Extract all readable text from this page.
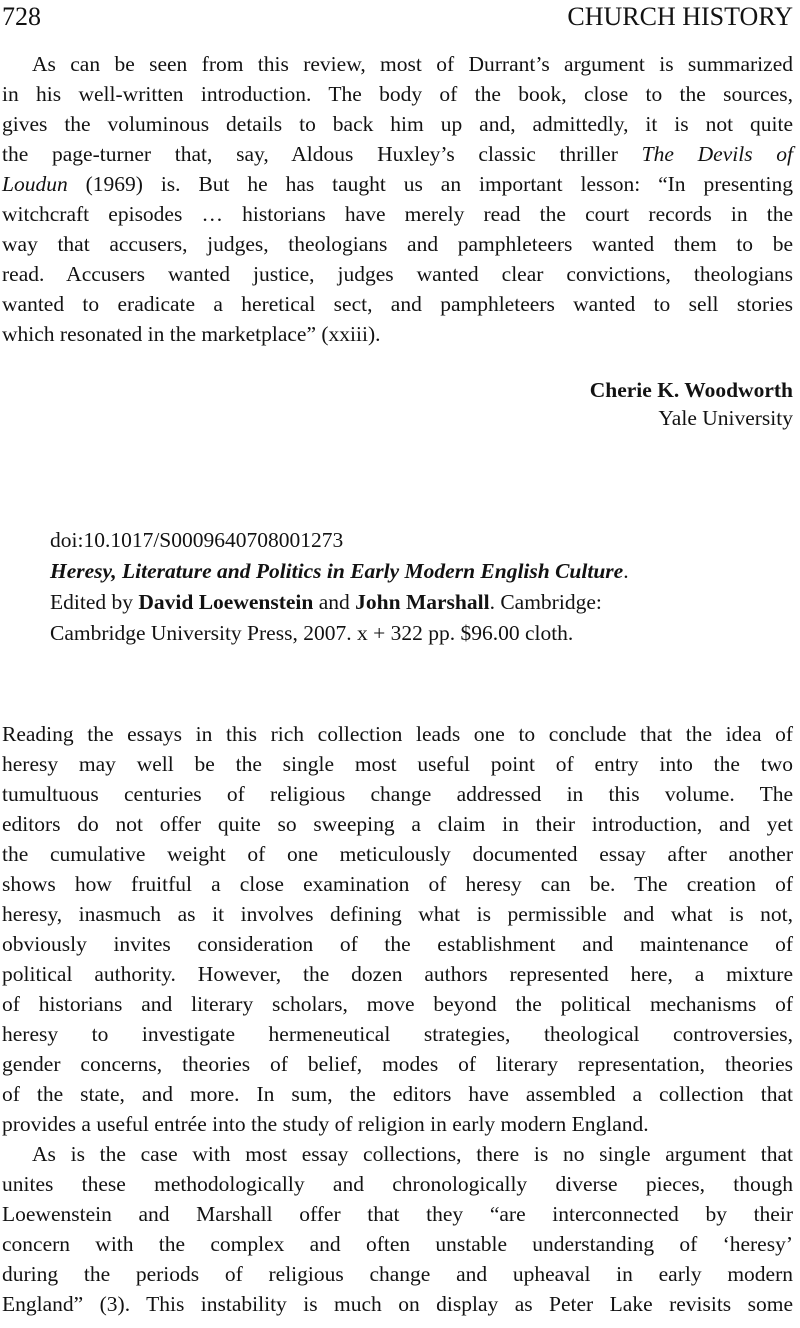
728	CHURCH HISTORY

As can be seen from this review, most of Durrant’s argument is summarized
in his well-written introduction. The body of the book, close to the sources,
gives the voluminous details to back him up and, admittedly, it is not quite
the page-turner that, say, Aldous Huxley’s classic thriller The Devils of
Loudun (1969) is. But he has taught us an important lesson: “In presenting
witchcraft episodes … historians have merely read the court records in the
way that accusers, judges, theologians and pamphleteers wanted them to be
read. Accusers wanted justice, judges wanted clear convictions, theologians
wanted to eradicate a heretical sect, and pamphleteers wanted to sell stories
which resonated in the marketplace” (xxiii).

Cherie K. Woodworth
Yale University
doi:10.1017/S0009640708001273
Heresy, Literature and Politics in Early Modern English Culture.
Edited by David Loewenstein and John Marshall. Cambridge:
Cambridge University Press, 2007. x + 322 pp. $96.00 cloth.

Reading the essays in this rich collection leads one to conclude that the idea of
heresy may well be the single most useful point of entry into the two
tumultuous centuries of religious change addressed in this volume. The
editors do not offer quite so sweeping a claim in their introduction, and yet
the cumulative weight of one meticulously documented essay after another
shows how fruitful a close examination of heresy can be. The creation of
heresy, inasmuch as it involves defining what is permissible and what is not,
obviously invites consideration of the establishment and maintenance of
political authority. However, the dozen authors represented here, a mixture
of historians and literary scholars, move beyond the political mechanisms of
heresy to investigate hermeneutical strategies, theological controversies,
gender concerns, theories of belief, modes of literary representation, theories
of the state, and more. In sum, the editors have assembled a collection that
provides a useful entrée into the study of religion in early modern England.

As is the case with most essay collections, there is no single argument that
unites these methodologically and chronologically diverse pieces, though
Loewenstein and Marshall offer that they “are interconnected by their
concern with the complex and often unstable understanding of ‘heresy’
during the periods of religious change and upheaval in early modern
England” (3). This instability is much on display as Peter Lake revisits some
